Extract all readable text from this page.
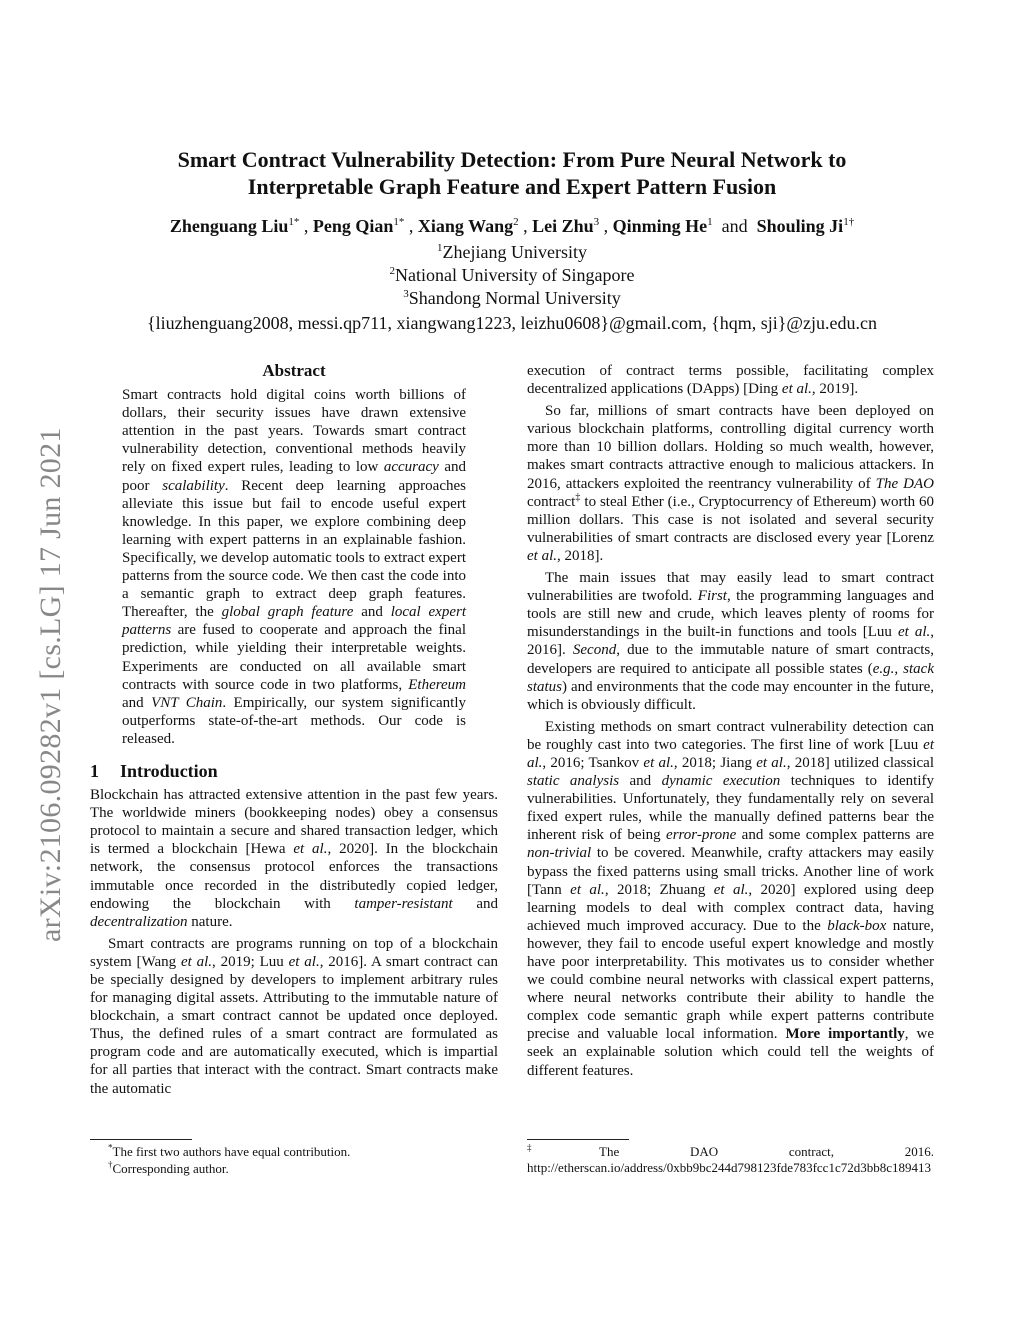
arXiv:2106.09282v1 [cs.LG] 17 Jun 2021
Smart Contract Vulnerability Detection: From Pure Neural Network to
Interpretable Graph Feature and Expert Pattern Fusion
Zhenguang Liu$^{1*}$ , Peng Qian$^{1*}$ , Xiang Wang$^2$ , Lei Zhu$^3$ , Qinming He$^1$ and Shouling $Ji^{1\dagger}$
$^1$Zhejiang University
$^2$National University of Singapore
$^3$Shandong Normal University
{liuzhenguang2008, messi.qp711, xiangwang1223, leizhu0608}@gmail.com, {hqm, sji}@zju.edu.cn
Abstract

Smart contracts hold digital coins worth billions of dollars, their security issues have drawn extensive attention in the past years. Towards smart contract vulnerability detection, conventional methods heavily rely on fixed expert rules, leading to low accuracy and poor scalability. Recent deep learning approaches alleviate this issue but fail to encode useful expert knowledge. In this paper, we explore combining deep learning with expert patterns in an explainable fashion. Specifically, we develop automatic tools to extract expert patterns from the source code. We then cast the code into a semantic graph to extract deep graph features. Thereafter, the global graph feature and local expert patterns are fused to cooperate and approach the final prediction, while yielding their interpretable weights. Experiments are conducted on all available smart contracts with source code in two platforms, Ethereum and VNT Chain. Empirically, our system significantly outperforms state-of-the-art methods. Our code is released.

1 Introduction

Blockchain has attracted extensive attention in the past few years. The worldwide miners (bookkeeping nodes) obey a consensus protocol to maintain a secure and shared transaction ledger, which is termed a blockchain [Hewa et al., 2020]. In the blockchain network, the consensus protocol enforces the transactions immutable once recorded in the distributedly copied ledger, endowing the blockchain with tamper-resistant and decentralization nature.

Smart contracts are programs running on top of a blockchain system [Wang et al., 2019; Luu et al., 2016]. A smart contract can be specially designed by developers to implement arbitrary rules for managing digital assets. Attributing to the immutable nature of blockchain, a smart contract cannot be updated once deployed. Thus, the defined rules of a smart contract are formulated as program code and are automatically executed, which is impartial for all parties that interact with the contract. Smart contracts make the automatic

*The first two authors have equal contribution.
†Corresponding author.

execution of contract terms possible, facilitating complex decentralized applications (DApps) [Ding et al., 2019].

So far, millions of smart contracts have been deployed on various blockchain platforms, controlling digital currency worth more than 10 billion dollars. Holding so much wealth, however, makes smart contracts attractive enough to malicious attackers. In 2016, attackers exploited the reentrancy vulnerability of The DAO contract‡ to steal Ether (i.e., Cryptocurrency of Ethereum) worth 60 million dollars. This case is not isolated and several security vulnerabilities of smart contracts are disclosed every year [Lorenz et al., 2018].

The main issues that may easily lead to smart contract vulnerabilities are twofold. First, the programming languages and tools are still new and crude, which leaves plenty of rooms for misunderstandings in the built-in functions and tools [Luu et al., 2016]. Second, due to the immutable nature of smart contracts, developers are required to anticipate all possible states (e.g., stack status) and environments that the code may encounter in the future, which is obviously difficult.

Existing methods on smart contract vulnerability detection can be roughly cast into two categories. The first line of work [Luu et al., 2016; Tsankov et al., 2018; Jiang et al., 2018] utilized classical static analysis and dynamic execution techniques to identify vulnerabilities. Unfortunately, they fundamentally rely on several fixed expert rules, while the manually defined patterns bear the inherent risk of being error-prone and some complex patterns are non-trivial to be covered. Meanwhile, crafty attackers may easily bypass the fixed patterns using small tricks. Another line of work [Tann et al., 2018; Zhuang et al., 2020] explored using deep learning models to deal with complex contract data, having achieved much improved accuracy. Due to the black-box nature, however, they fail to encode useful expert knowledge and mostly have poor interpretability. This motivates us to consider whether we could combine neural networks with classical expert patterns, where neural networks contribute their ability to handle the complex code semantic graph while expert patterns contribute precise and valuable local information. More importantly, we seek an explainable solution which could tell the weights of different features.

‡The DAO contract, 2016. http://etherscan.io/address/0xbb9bc244d798123fde783fcc1c72d3bb8c189413
